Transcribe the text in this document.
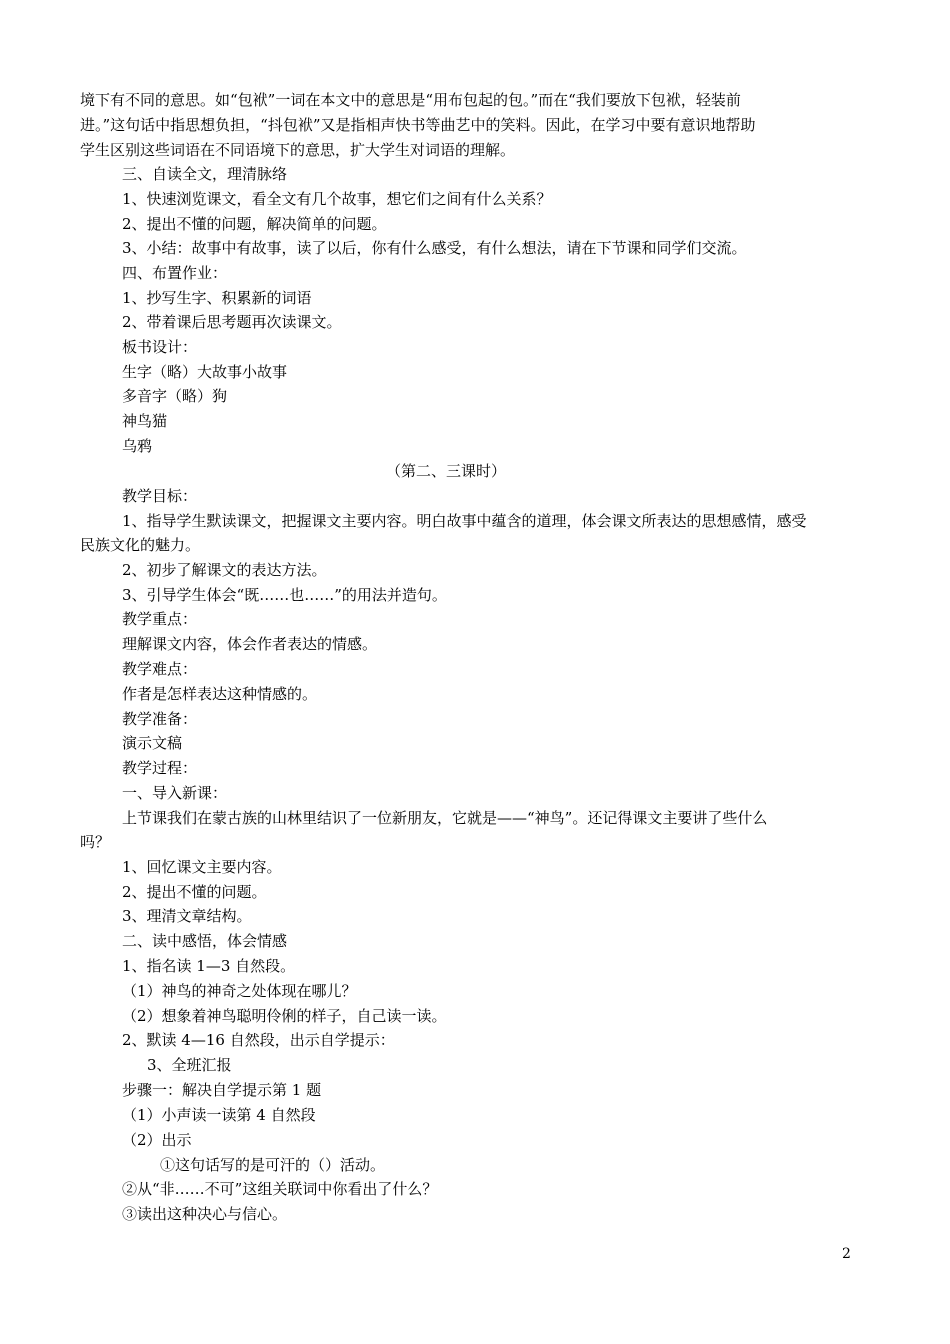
境下有不同的意思。如“包袱”一词在本文中的意思是“用布包起的包。”而在“我们要放下包袱，轻装前
进。”这句话中指思想负担，“抖包袱”又是指相声快书等曲艺中的笑料。因此，在学习中要有意识地帮助
学生区别这些词语在不同语境下的意思，扩大学生对词语的理解。
三、自读全文，理清脉络
1、快速浏览课文，看全文有几个故事，想它们之间有什么关系？
2、提出不懂的问题，解决简单的问题。
3、小结：故事中有故事，读了以后，你有什么感受，有什么想法，请在下节课和同学们交流。
四、布置作业：
1、抄写生字、积累新的词语
2、带着课后思考题再次读课文。
板书设计：
生字（略）大故事小故事
多音字（略）狗
神鸟猫
乌鸦
（第二、三课时）
教学目标：
1、指导学生默读课文，把握课文主要内容。明白故事中蕴含的道理，体会课文所表达的思想感情，感受
民族文化的魅力。
2、初步了解课文的表达方法。
3、引导学生体会“既……也……”的用法并造句。
教学重点：
理解课文内容，体会作者表达的情感。
教学难点：
作者是怎样表达这种情感的。
教学准备：
演示文稿
教学过程：
一、导入新课：
上节课我们在蒙古族的山林里结识了一位新朋友，它就是——“神鸟”。还记得课文主要讲了些什么
吗？
1、回忆课文主要内容。
2、提出不懂的问题。
3、理清文章结构。
二、读中感悟，体会情感
1、指名读 1—3 自然段。
（1）神鸟的神奇之处体现在哪儿？
（2）想象着神鸟聪明伶俐的样子，自己读一读。
2、默读 4—16 自然段，出示自学提示：
3、全班汇报
步骤一：解决自学提示第 1 题
（1）小声读一读第 4 自然段
（2）出示
①这句话写的是可汗的（）活动。
②从“非……不可”这组关联词中你看出了什么？
③读出这种决心与信心。
2
